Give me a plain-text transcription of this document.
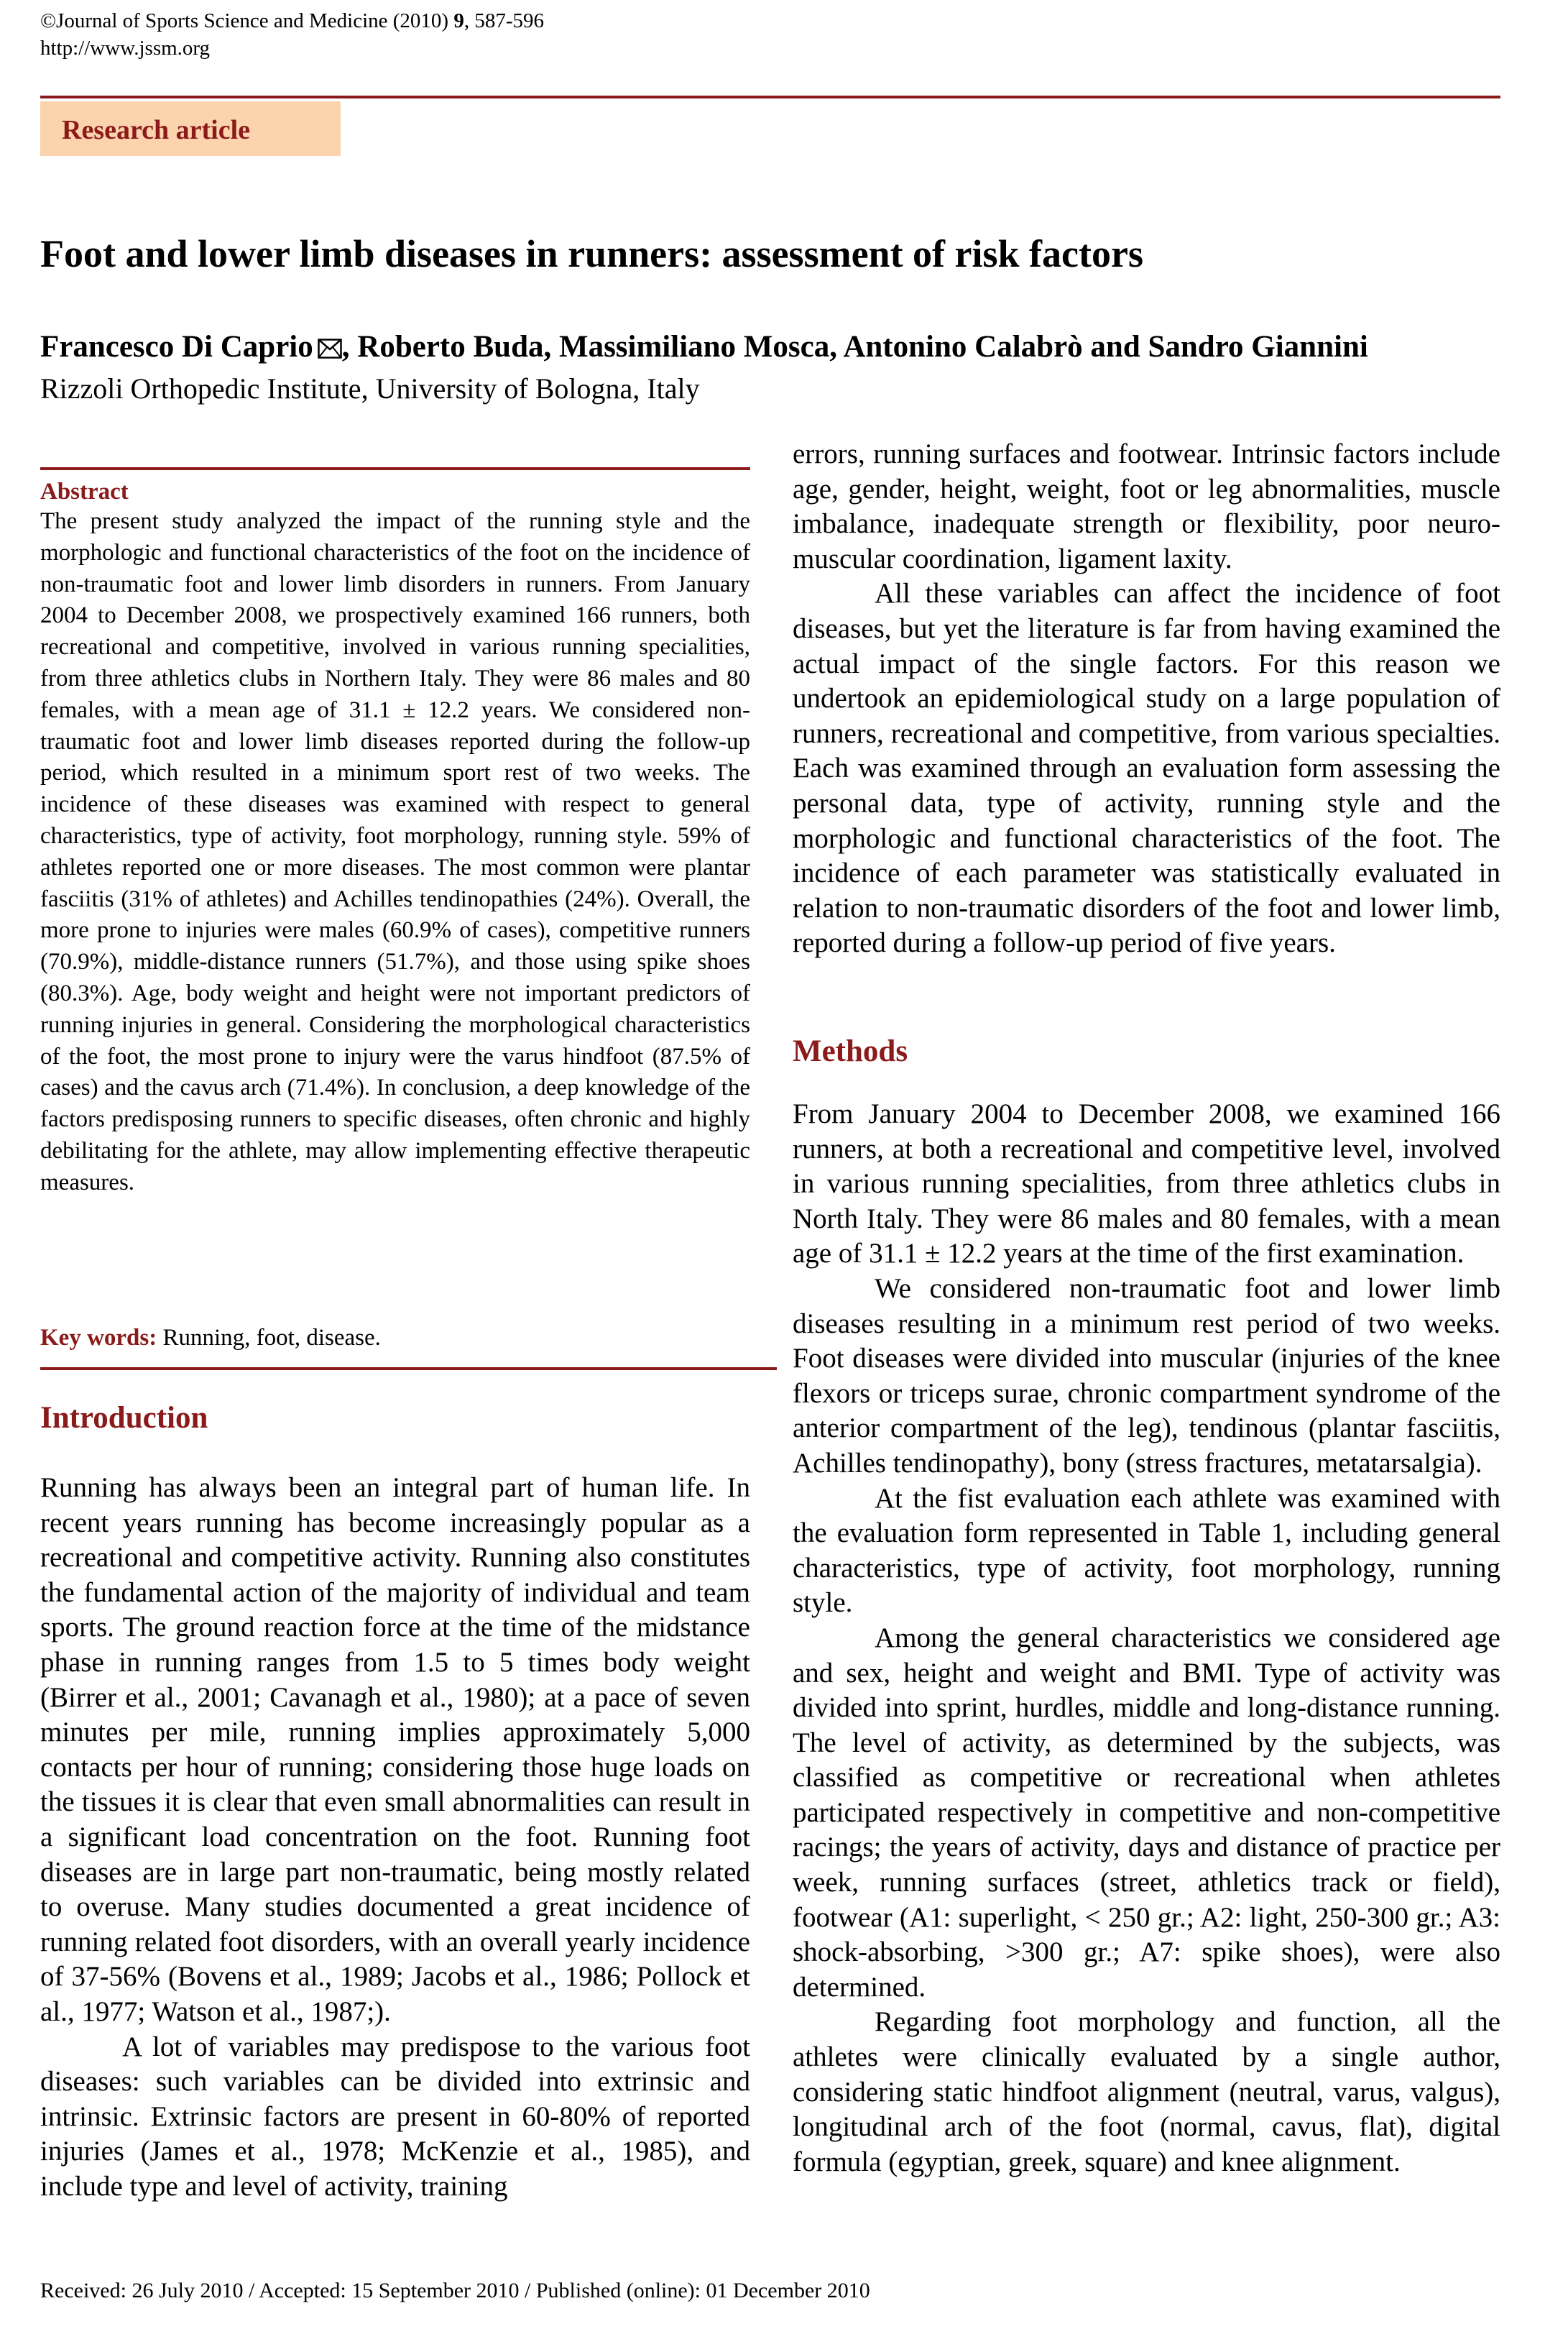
©Journal of Sports Science and Medicine (2010) 9, 587-596
http://www.jssm.org
Research article
Foot and lower limb diseases in runners: assessment of risk factors
Francesco Di Caprio , Roberto Buda, Massimiliano Mosca, Antonino Calabrò and Sandro Giannini
Rizzoli Orthopedic Institute, University of Bologna, Italy
Abstract

The present study analyzed the impact of the running style and the morphologic and functional characteristics of the foot on the incidence of non-traumatic foot and lower limb disorders in runners. From January 2004 to December 2008, we prospectively examined 166 runners, both recreational and competitive, involved in various running specialities, from three athletics clubs in Northern Italy. They were 86 males and 80 females, with a mean age of 31.1 ± 12.2 years. We considered non-traumatic foot and lower limb diseases reported during the follow-up period, which resulted in a minimum sport rest of two weeks. The incidence of these diseases was examined with respect to general characteristics, type of activity, foot morphology, running style. 59% of athletes reported one or more diseases. The most common were plantar fasciitis (31% of athletes) and Achilles tendinopathies (24%). Overall, the more prone to injuries were males (60.9% of cases), competitive runners (70.9%), middle-distance runners (51.7%), and those using spike shoes (80.3%). Age, body weight and height were not important predictors of running injuries in general. Considering the morphological characteristics of the foot, the most prone to injury were the varus hindfoot (87.5% of cases) and the cavus arch (71.4%). In conclusion, a deep knowledge of the factors predisposing runners to specific diseases, often chronic and highly debilitating for the athlete, may allow implementing effective therapeutic measures.

Key words: Running, foot, disease.
Introduction

Running has always been an integral part of human life. In recent years running has become increasingly popular as a recreational and competitive activity. Running also constitutes the fundamental action of the majority of individual and team sports. The ground reaction force at the time of the midstance phase in running ranges from 1.5 to 5 times body weight (Birrer et al., 2001; Cavanagh et al., 1980); at a pace of seven minutes per mile, running implies approximately 5,000 contacts per hour of running; considering those huge loads on the tissues it is clear that even small abnormalities can result in a significant load concentration on the foot. Running foot diseases are in large part non-traumatic, being mostly related to overuse. Many studies documented a great incidence of running related foot disorders, with an overall yearly incidence of 37-56% (Bovens et al., 1989; Jacobs et al., 1986; Pollock et al., 1977; Watson et al., 1987;).

A lot of variables may predispose to the various foot diseases: such variables can be divided into extrinsic and intrinsic. Extrinsic factors are present in 60-80% of reported injuries (James et al., 1978; McKenzie et al., 1985), and include type and level of activity, training

errors, running surfaces and footwear. Intrinsic factors include age, gender, height, weight, foot or leg abnormalities, muscle imbalance, inadequate strength or flexibility, poor neuro-muscular coordination, ligament laxity.

All these variables can affect the incidence of foot diseases, but yet the literature is far from having examined the actual impact of the single factors. For this reason we undertook an epidemiological study on a large population of runners, recreational and competitive, from various specialties. Each was examined through an evaluation form assessing the personal data, type of activity, running style and the morphologic and functional characteristics of the foot. The incidence of each parameter was statistically evaluated in relation to non-traumatic disorders of the foot and lower limb, reported during a follow-up period of five years.

Methods

From January 2004 to December 2008, we examined 166 runners, at both a recreational and competitive level, involved in various running specialities, from three athletics clubs in North Italy. They were 86 males and 80 females, with a mean age of 31.1 ± 12.2 years at the time of the first examination.

We considered non-traumatic foot and lower limb diseases resulting in a minimum rest period of two weeks. Foot diseases were divided into muscular (injuries of the knee flexors or triceps surae, chronic compartment syndrome of the anterior compartment of the leg), tendinous (plantar fasciitis, Achilles tendinopathy), bony (stress fractures, metatarsalgia).

At the fist evaluation each athlete was examined with the evaluation form represented in Table 1, including general characteristics, type of activity, foot morphology, running style.

Among the general characteristics we considered age and sex, height and weight and BMI. Type of activity was divided into sprint, hurdles, middle and long-distance running. The level of activity, as determined by the subjects, was classified as competitive or recreational when athletes participated respectively in competitive and non-competitive racings; the years of activity, days and distance of practice per week, running surfaces (street, athletics track or field), footwear (A1: superlight, < 250 gr.; A2: light, 250-300 gr.; A3: shock-absorbing, >300 gr.; A7: spike shoes), were also determined.

Regarding foot morphology and function, all the athletes were clinically evaluated by a single author, considering static hindfoot alignment (neutral, varus, valgus), longitudinal arch of the foot (normal, cavus, flat), digital formula (egyptian, greek, square) and knee alignment.

Received: 26 July 2010 / Accepted: 15 September 2010 / Published (online): 01 December 2010
